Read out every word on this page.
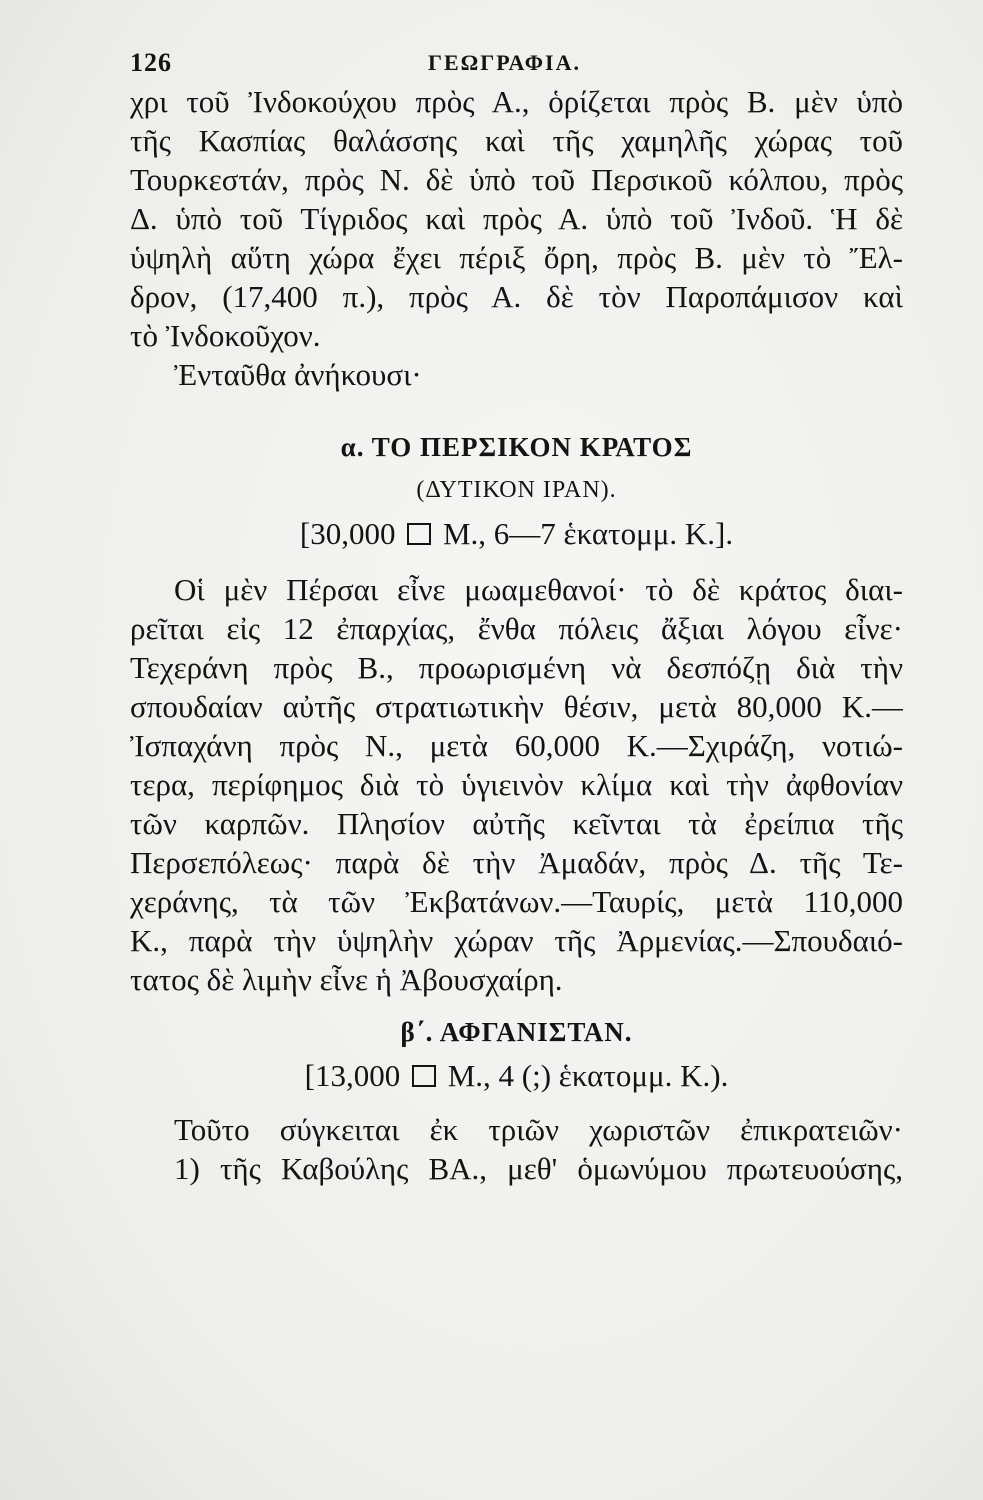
126	ΓΕΩΓΡΑΦΙΑ.
χρι τοῦ Ἰνδοκούχου πρὸς Α., ὁρίζεται πρὸς Β. μὲν ὑπὸ
τῆς Κασπίας θαλάσσης καὶ τῆς χαμηλῆς χώρας τοῦ
Τουρκεστάν, πρὸς Ν. δὲ ὑπὸ τοῦ Περσικοῦ κόλπου, πρὸς
Δ. ὑπὸ τοῦ Τίγριδος καὶ πρὸς Α. ὑπὸ τοῦ Ἰνδοῦ. Ἡ δὲ
ὑψηλὴ αὕτη χώρα ἔχει πέριξ ὄρη, πρὸς Β. μὲν τὸ Ἔλ-
δρον, (17,400 π.), πρὸς Α. δὲ τὸν Παροπάμισον καὶ
τὸ Ἰνδοκοῦχον.
Ἐνταῦθα ἀνήκουσι·
α. ΤΟ ΠΕΡΣΙΚΟΝ ΚΡΑΤΟΣ
(ΔΥΤΙΚΟΝ ΙΡΑΝ).
[30,000 Μ., 6—7 ἑκατομμ. Κ.].
Οἱ μὲν Πέρσαι εἶνε μωαμεθανοί· τὸ δὲ κράτος διαι-
ρεῖται εἰς 12 ἐπαρχίας, ἔνθα πόλεις ἄξιαι λόγου εἶνε·
Τεχεράνη πρὸς Β., προωρισμένη νὰ δεσπόζῃ διὰ τὴν
σπουδαίαν αὐτῆς στρατιωτικὴν θέσιν, μετὰ 80,000 Κ.—
Ἰσπαχάνη πρὸς Ν., μετὰ 60,000 Κ.—Σχιράζη, νοτιώ-
τερα, περίφημος διὰ τὸ ὑγιεινὸν κλίμα καὶ τὴν ἀφθονίαν
τῶν καρπῶν. Πλησίον αὐτῆς κεῖνται τὰ ἐρείπια τῆς
Περσεπόλεως· παρὰ δὲ τὴν Ἀμαδάν, πρὸς Δ. τῆς Τε-
χεράνης, τὰ τῶν Ἐκβατάνων.—Ταυρίς, μετὰ 110,000
Κ., παρὰ τὴν ὑψηλὴν χώραν τῆς Ἀρμενίας.—Σπουδαιό-
τατος δὲ λιμὴν εἶνε ἡ Ἀβουσχαίρη.
β΄. ΑΦΓΑΝΙΣΤΑΝ.
[13,000 Μ., 4 (;) ἑκατομμ. Κ.).
Τοῦτο σύγκειται ἐκ τριῶν χωριστῶν ἐπικρατειῶν·
1) τῆς Καβούλης ΒΑ., μεθ' ὁμωνύμου πρωτευούσης,
